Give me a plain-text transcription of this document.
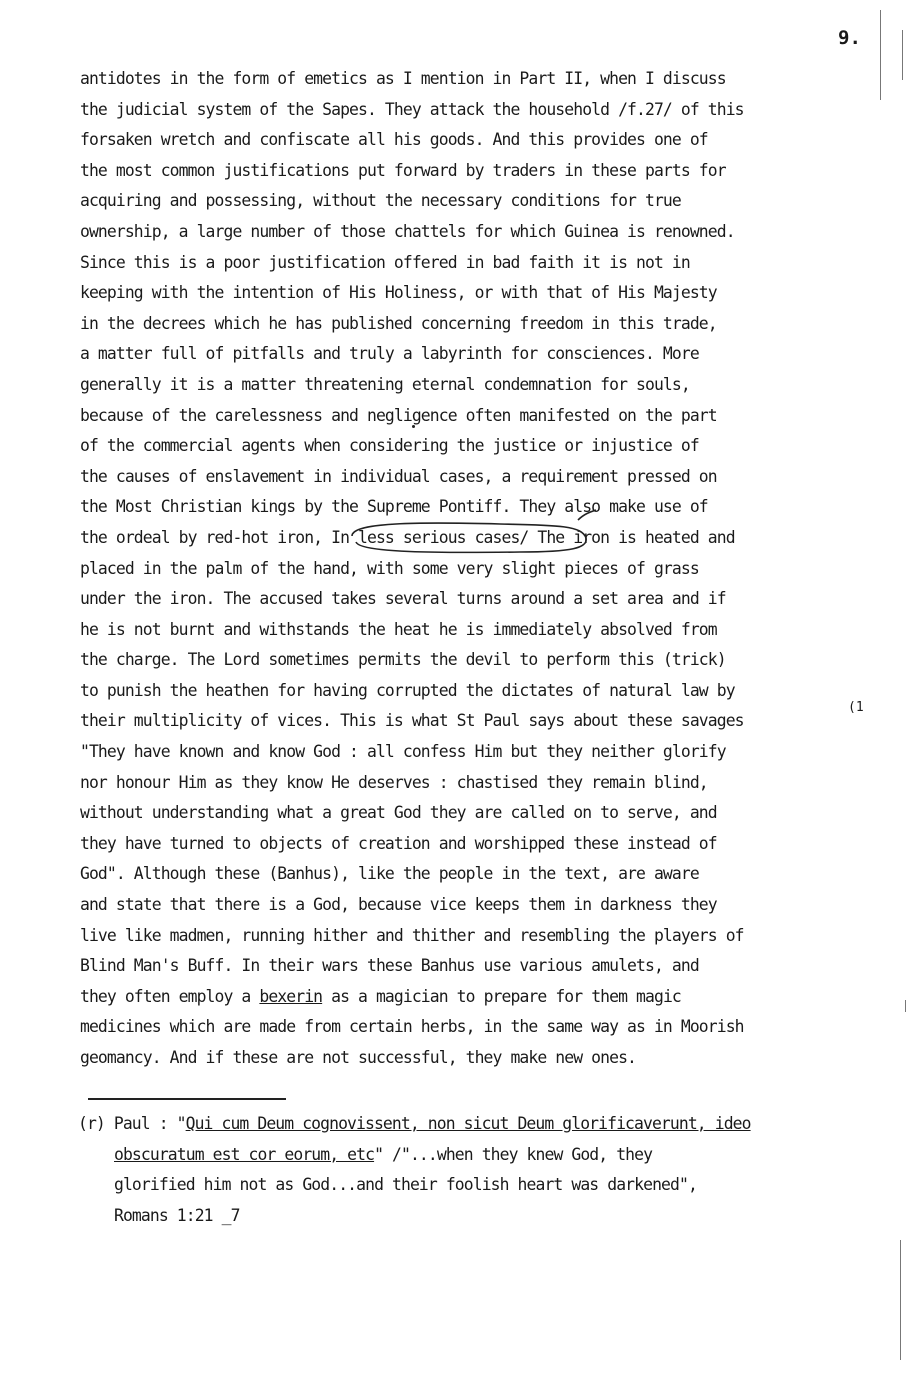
9.
antidotes in the form of emetics as I mention in Part II, when I discuss
the judicial system of the Sapes. They attack the household /f.27/ of this
forsaken wretch and confiscate all his goods. And this provides one of
the most common justifications put forward by traders in these parts for
acquiring and possessing, without the necessary conditions for true
ownership, a large number of those chattels for which Guinea is renowned.
Since this is a poor justification offered in bad faith it is not in
keeping with the intention of His Holiness, or with that of His Majesty
in the decrees which he has published concerning freedom in this trade,
a matter full of pitfalls and truly a labyrinth for consciences. More
generally it is a matter threatening eternal condemnation for souls,
because of the carelessness and negligence often manifested on the part
of the commercial agents when considering the justice or injustice of
the causes of enslavement in individual cases, a requirement pressed on
the Most Christian kings by the Supreme Pontiff. They also make use of
the ordeal by red-hot iron, In less serious cases/ The iron is heated and
placed in the palm of the hand, with some very slight pieces of grass
under the iron. The accused takes several turns around a set area and if
he is not burnt and withstands the heat he is immediately absolved from
the charge. The Lord sometimes permits the devil to perform this (trick)
to punish the heathen for having corrupted the dictates of natural law by
their multiplicity of vices. This is what St Paul says about these savages
"They have known and know God : all confess Him but they neither glorify
nor honour Him as they know He deserves : chastised they remain blind,
without understanding what a great God they are called on to serve, and
they have turned to objects of creation and worshipped these instead of
God". Although these (Banhus), like the people in the text, are aware
and state that there is a God, because vice keeps them in darkness they
live like madmen, running hither and thither and resembling the players of
Blind Man's Buff. In their wars these Banhus use various amulets, and
they often employ a bexerin as a magician to prepare for them magic
medicines which are made from certain herbs, in the same way as in Moorish
geomancy. And if these are not successful, they make new ones.
(1
(r) Paul : "Qui cum Deum cognovissent, non sicut Deum glorificaverunt, ideo
obscuratum est cor eorum, etc" /"...when they knew God, they
glorified him not as God...and their foolish heart was darkened",
Romans 1:21 _7
